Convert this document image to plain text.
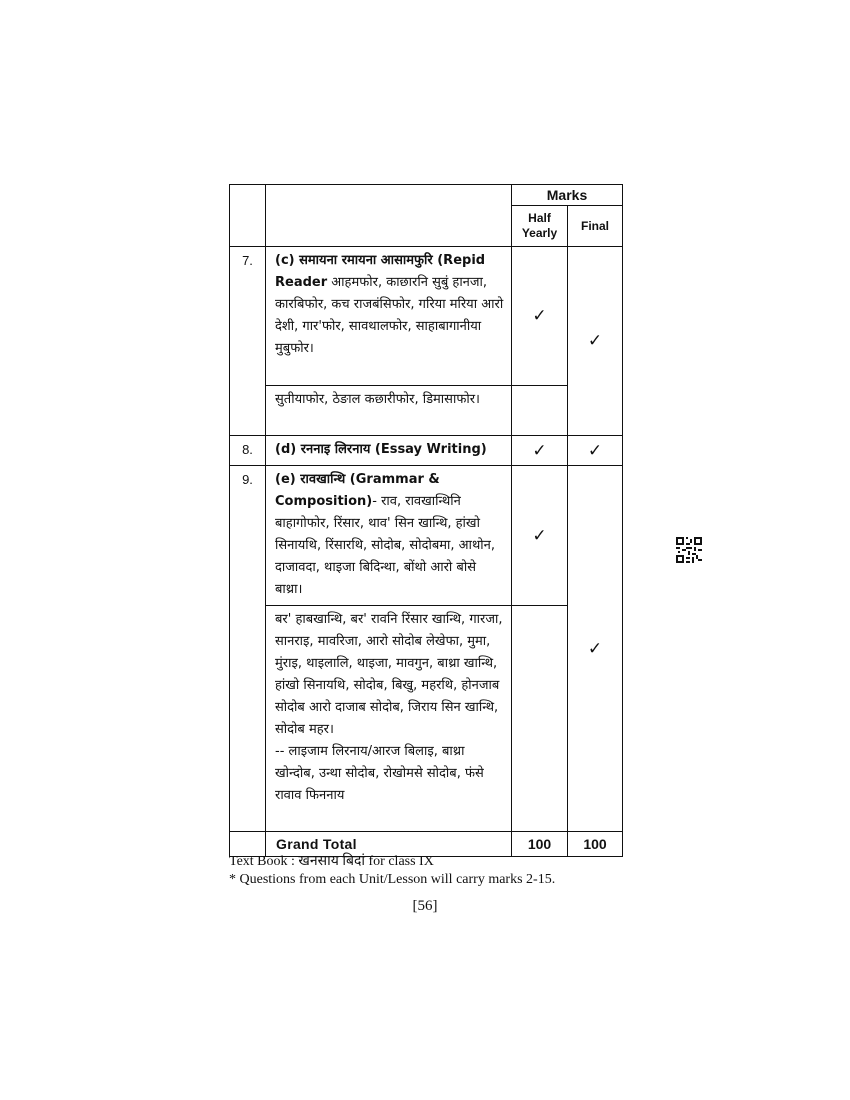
		Marks	
		Half Yearly	Final
7.	(c) समायना रमायना आसामफुरि (Repid Reader आहमफोर, काछारनि सुबुं हानजा, कारबिफोर, कच राजबंसिफोर, गरिया मरिया आरो देशी, गार'फोर, सावथालफोर, साहाबागानीया मुबुफोर।	✓	✓
	सुतीयाफोर, ठेङाल कछारीफोर, डिमासाफोर।		
8.	(d) रननाइ लिरनाय (Essay Writing)	✓	✓
9.	(e) रावखान्थि (Grammar & Composition)- राव, रावखान्थिनि बाहागोफोर, रिंसार, थाव' सिन खान्थि, हांखो सिनायथि, रिंसारथि, सोदोब, सोदोबमा, आथोन, दाजावदा, थाइजा बिदिन्था, बोंथो आरो बोसे बाथ्रा।	✓	✓
	बर' हाबखान्थि, बर' रावनि रिंसार खान्थि, गारजा, सानराइ, मावरिजा, आरो सोदोब लेखेफा, मुमा, मुंराइ, थाइलालि, थाइजा, मावगुन, बाथ्रा खान्थि, हांखो सिनायथि, सोदोब, बिखु, महरथि, होनजाब सोदोब आरो दाजाब सोदोब, जिराय सिन खान्थि, सोदोब महर।
-- लाइजाम लिरनाय/आरज बिलाइ, बाथ्रा खोन्दोब, उन्था सोदोब, रोखोमसे सोदोब, फंसे रावाव फिननाय		
	Grand Total	100	100
Text Book : खनसाय बिदां for class IX
* Questions from each Unit/Lesson will carry marks 2-15.
[56]
